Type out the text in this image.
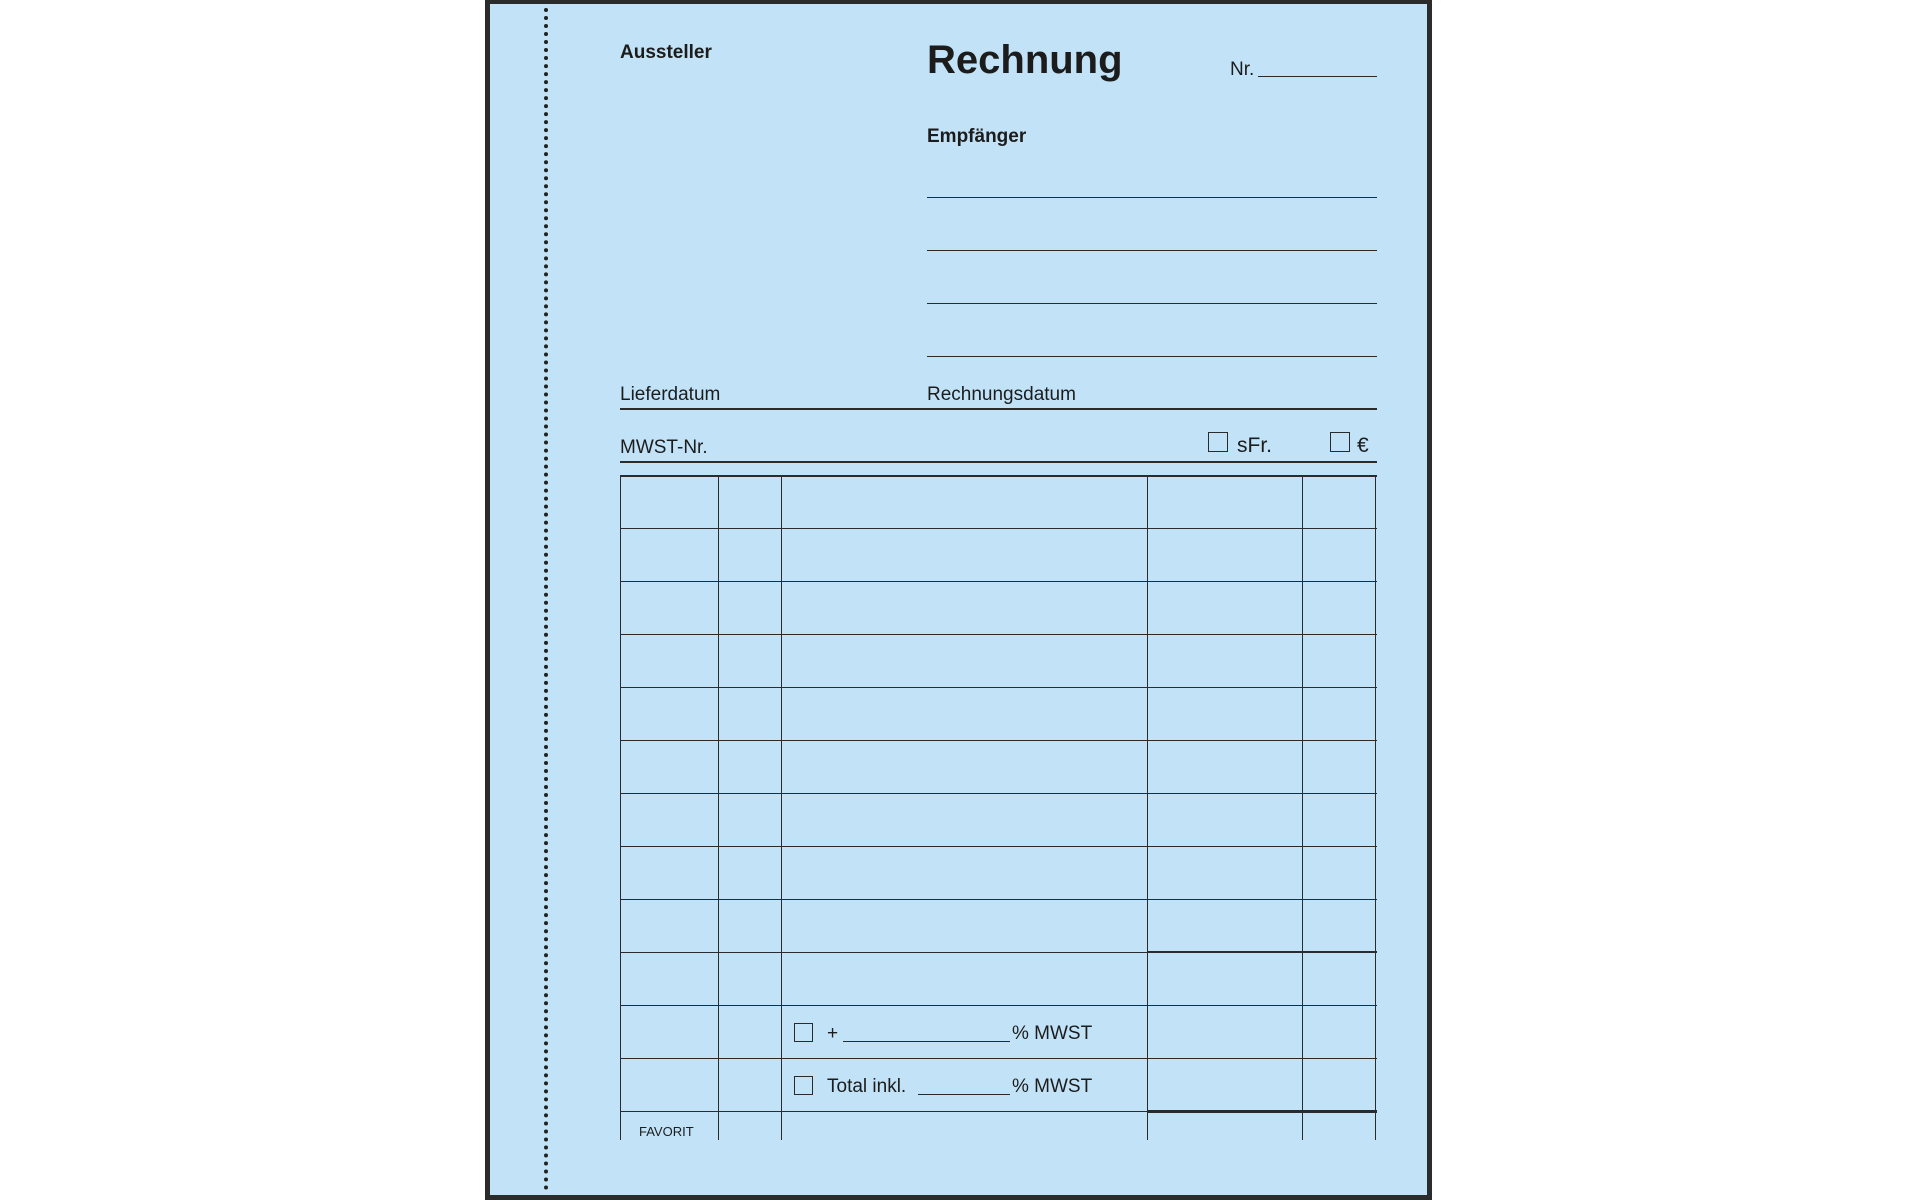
Aussteller	Rechnung	Nr.
Empfänger
Lieferdatum	Rechnungsdatum
MWST-Nr.	sFr.	€
+	% MWST
Total inkl.	% MWST
FAVORIT
